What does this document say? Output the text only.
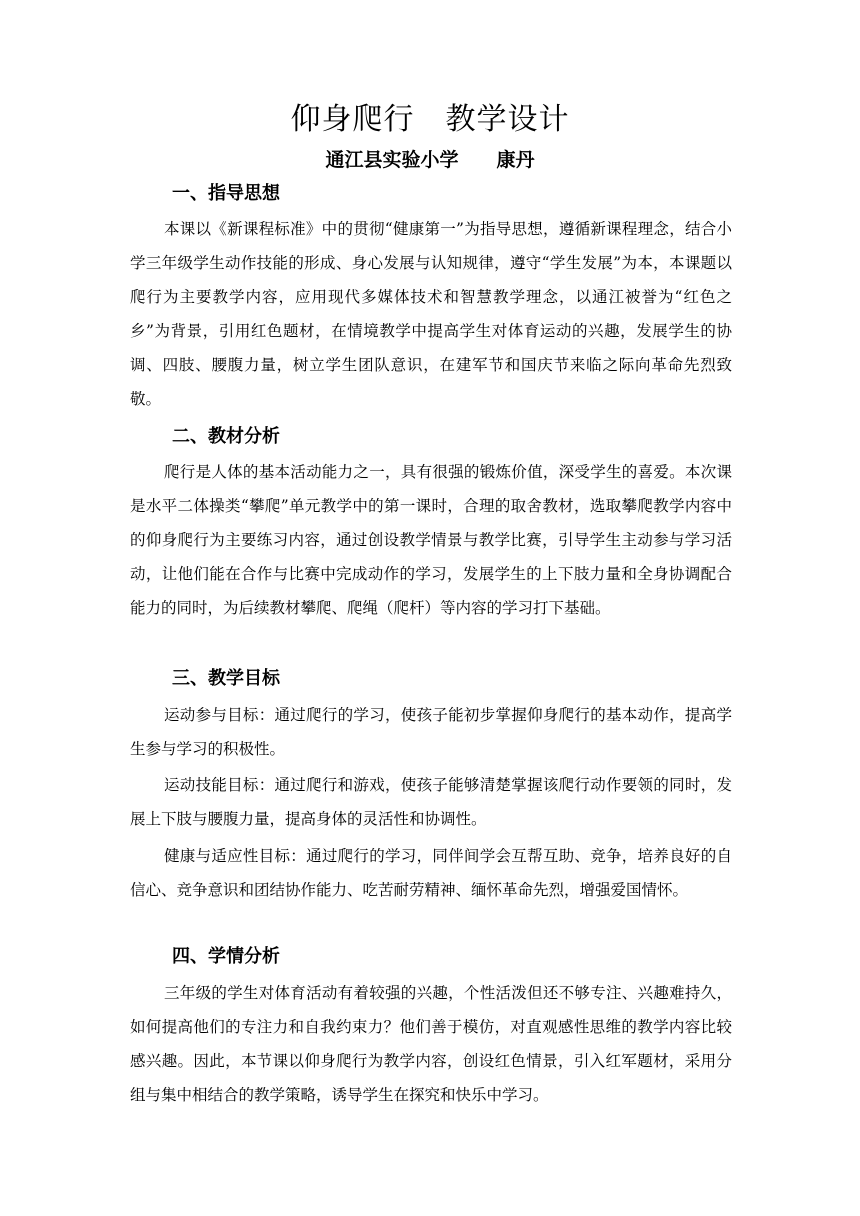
仰身爬行　教学设计
通江县实验小学　　康丹
一、指导思想

本课以《新课程标准》中的贯彻“健康第一”为指导思想，遵循新课程理念，结合小学三年级学生动作技能的形成、身心发展与认知规律，遵守“学生发展”为本，本课题以爬行为主要教学内容，应用现代多媒体技术和智慧教学理念，以通江被誉为“红色之乡”为背景，引用红色题材，在情境教学中提高学生对体育运动的兴趣，发展学生的协调、四肢、腰腹力量，树立学生团队意识，在建军节和国庆节来临之际向革命先烈致敬。

二、教材分析

爬行是人体的基本活动能力之一，具有很强的锻炼价值，深受学生的喜爱。本次课是水平二体操类“攀爬”单元教学中的第一课时，合理的取舍教材，选取攀爬教学内容中的仰身爬行为主要练习内容，通过创设教学情景与教学比赛，引导学生主动参与学习活动，让他们能在合作与比赛中完成动作的学习，发展学生的上下肢力量和全身协调配合能力的同时，为后续教材攀爬、爬绳（爬杆）等内容的学习打下基础。

三、教学目标

运动参与目标：通过爬行的学习，使孩子能初步掌握仰身爬行的基本动作，提高学生参与学习的积极性。

运动技能目标：通过爬行和游戏，使孩子能够清楚掌握该爬行动作要领的同时，发展上下肢与腰腹力量，提高身体的灵活性和协调性。

健康与适应性目标：通过爬行的学习，同伴间学会互帮互助、竞争，培养良好的自信心、竞争意识和团结协作能力、吃苦耐劳精神、缅怀革命先烈，增强爱国情怀。

四、学情分析

三年级的学生对体育活动有着较强的兴趣，个性活泼但还不够专注、兴趣难持久，如何提高他们的专注力和自我约束力？他们善于模仿，对直观感性思维的教学内容比较感兴趣。因此，本节课以仰身爬行为教学内容，创设红色情景，引入红军题材，采用分组与集中相结合的教学策略，诱导学生在探究和快乐中学习。
